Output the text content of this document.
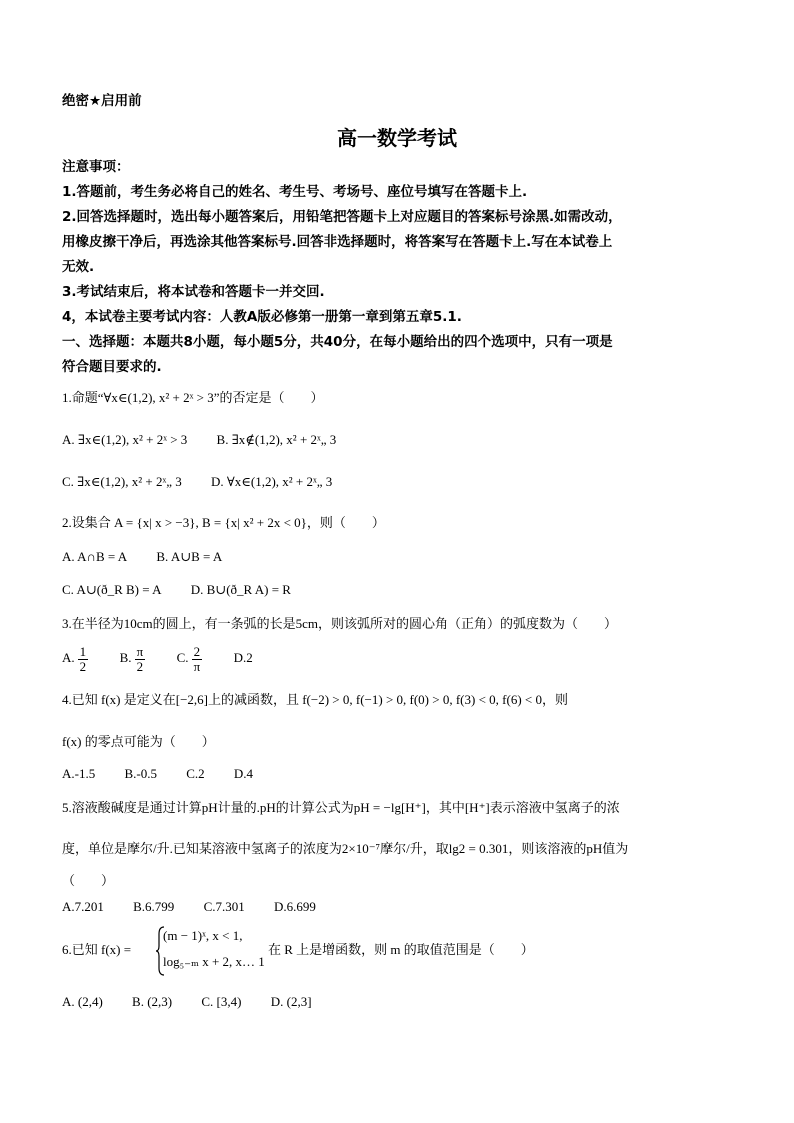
绝密★启用前
高一数学考试
注意事项：
1.答题前，考生务必将自己的姓名、考生号、考场号、座位号填写在答题卡上.
2.回答选择题时，选出每小题答案后，用铅笔把答题卡上对应题目的答案标号涂黑.如需改动，
用橡皮擦干净后，再选涂其他答案标号.回答非选择题时，将答案写在答题卡上.写在本试卷上
无效.
3.考试结束后，将本试卷和答题卡一并交回.
4，本试卷主要考试内容：人教A版必修第一册第一章到第五章5.1.
一、选择题：本题共8小题，每小题5分，共40分，在每小题给出的四个选项中，只有一项是
符合题目要求的.
1.命题“∀x∈(1,2), x² + 2ˣ > 3”的否定是（　　）
A. ∃x∈(1,2), x² + 2ˣ > 3 B. ∃x∉(1,2), x² + 2ˣ„ 3
C. ∃x∈(1,2), x² + 2ˣ„ 3 D. ∀x∈(1,2), x² + 2ˣ„ 3
2.设集合 A = {x| x > −3}, B = {x| x² + 2x < 0}，则（　　）
A. A∩B = A B. A∪B = A
C. A∪(ð_R B) = A D. B∪(ð_R A) = R
3.在半径为10cm的圆上，有一条弧的长是5cm，则该弧所对的圆心角（正角）的弧度数为（　　）
A. $\frac{1}{2} B$. $\frac{\pi}{2} C$. $\frac{2}{\pi} D.2$
4.已知 f(x) 是定义在[−2,6]上的减函数，且 f(−2) > 0, f(−1) > 0, f(0) > 0, f(3) < 0, f(6) < 0，则
f(x) 的零点可能为（　　）
A.-1.5 B.-0.5 C.2 D.4
5.溶液酸碱度是通过计算pH计量的.pH的计算公式为pH = −lg[H⁺]，其中[H⁺]表示溶液中氢离子的浓
度，单位是摩尔/升.已知某溶液中氢离子的浓度为2×10⁻⁷摩尔/升，取lg2 = 0.301，则该溶液的pH值为
（　　）
A.7.201 B.6.799 C.7.301 D.6.699
6.已知 f(x) =
(m − 1)ˣ, x < 1,
log₅₋ₘ x + 2, x… 1
在 R 上是增函数，则 m 的取值范围是（　　）
A. (2,4) B. (2,3) C. [3,4) D. (2,3]
